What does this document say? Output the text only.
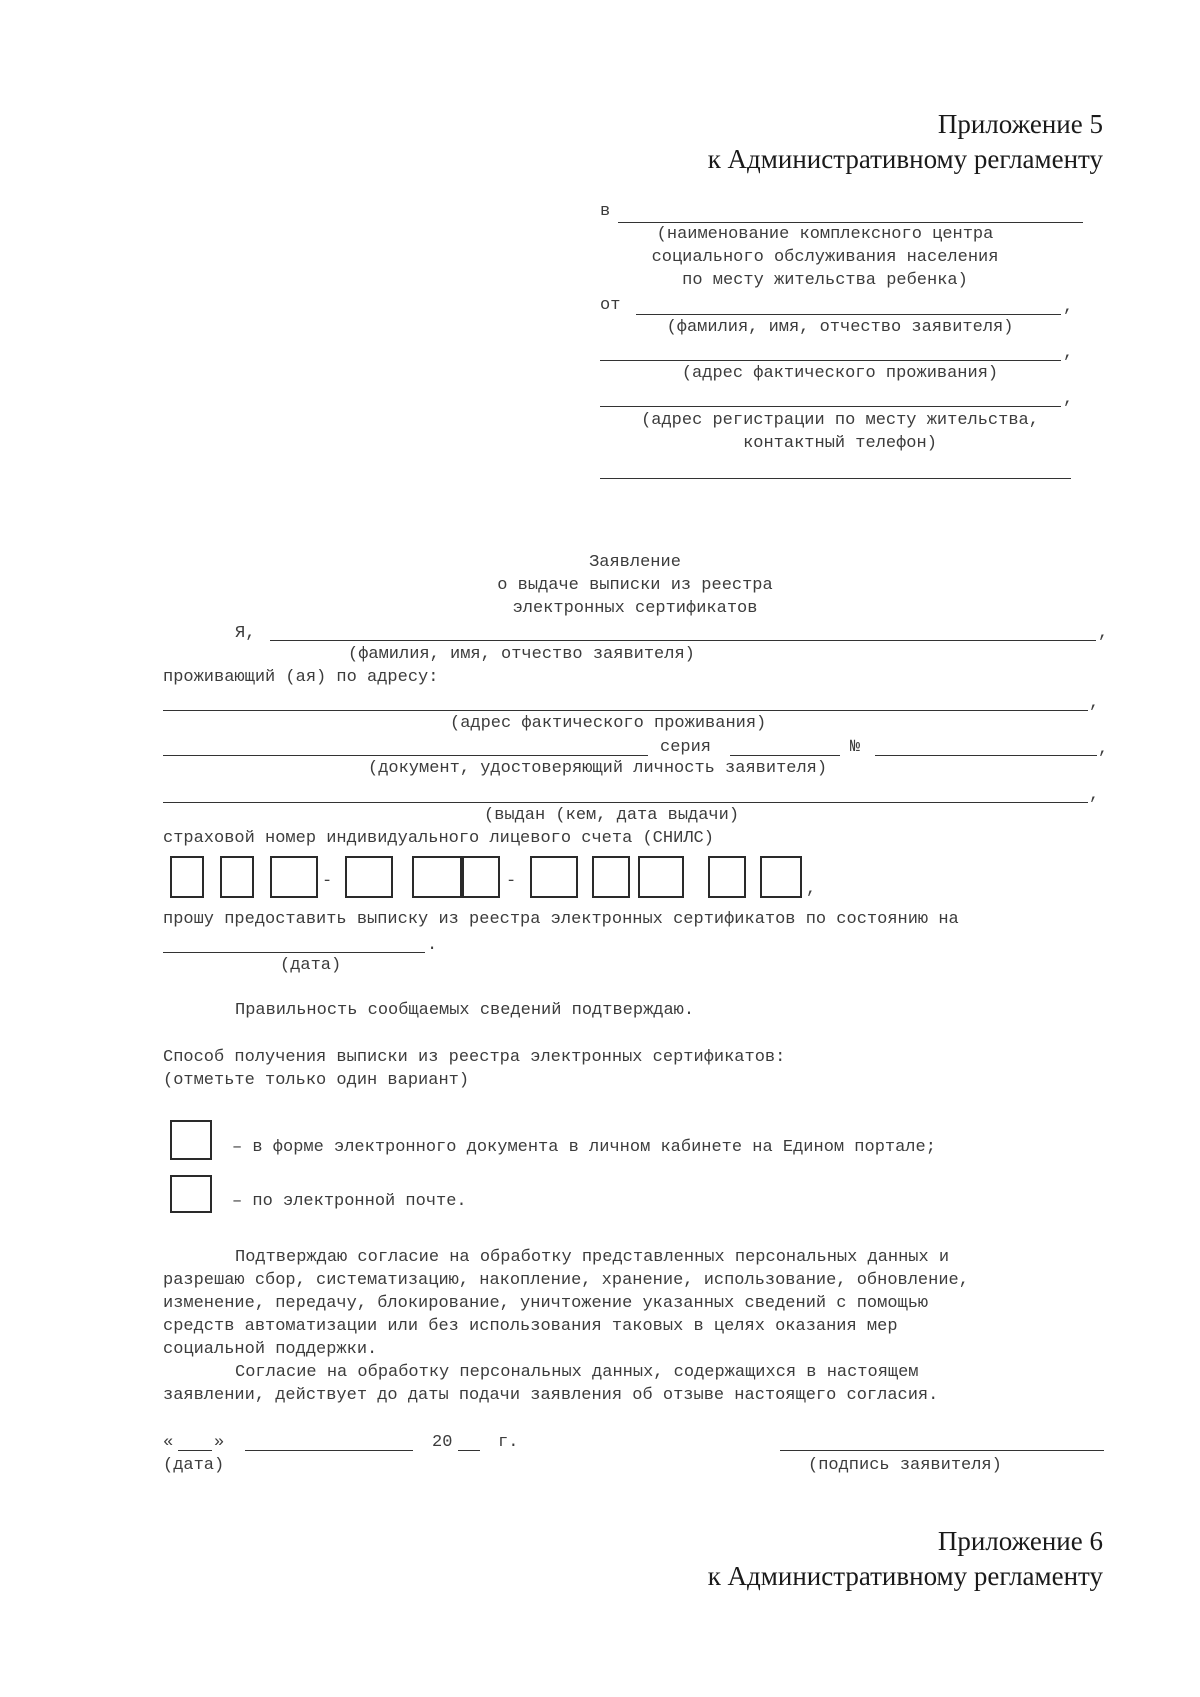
Приложение 5
к Административному регламенту
в
(наименование комплексного центра
социального обслуживания населения
по месту жительства ребенка)
от	,
(фамилия, имя, отчество заявителя)
,
(адрес фактического проживания)
,
(адрес регистрации по месту жительства,
контактный телефон)
Заявление
о выдаче выписки из реестра
электронных сертификатов
Я,	,
(фамилия, имя, отчество заявителя)
проживающий (ая) по адресу:
,
(адрес фактического проживания)
серия	№	,
(документ, удостоверяющий личность заявителя)
,
(выдан (кем, дата выдачи)
страховой номер индивидуального лицевого счета (СНИЛС)
-	-	,
прошу предоставить выписку из реестра электронных сертификатов по состоянию на
.
(дата)
Правильность сообщаемых сведений подтверждаю.
Способ получения выписки из реестра электронных сертификатов:
(отметьте только один вариант)
– в форме электронного документа в личном кабинете на Едином портале;
– по электронной почте.
Подтверждаю согласие на обработку представленных персональных данных и
разрешаю сбор, систематизацию, накопление, хранение, использование, обновление,
изменение, передачу, блокирование, уничтожение указанных сведений с помощью
средств автоматизации или без использования таковых в целях оказания мер
социальной поддержки.
Согласие на обработку персональных данных, содержащихся в настоящем
заявлении, действует до даты подачи заявления об отзыве настоящего согласия.
« »	20	г.
(дата)	(подпись заявителя)
Приложение 6
к Административному регламенту
